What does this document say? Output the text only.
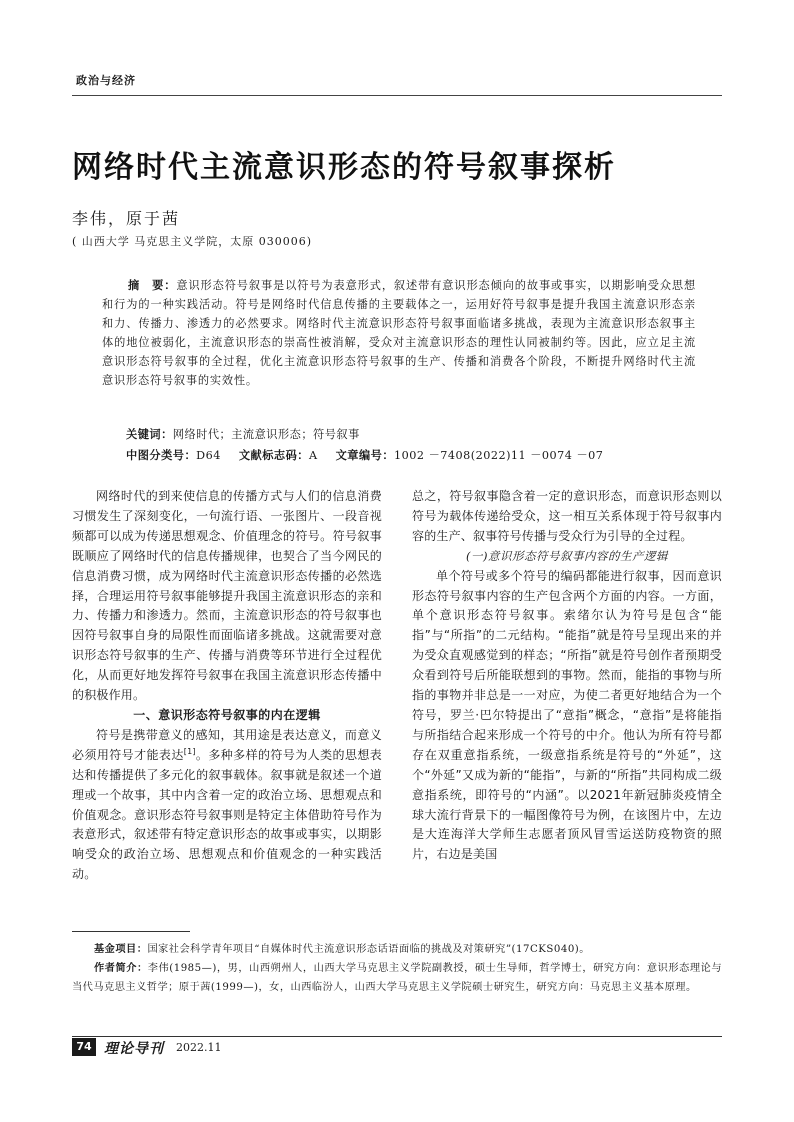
政治与经济
网络时代主流意识形态的符号叙事探析
李伟，原于茜
( 山西大学 马克思主义学院，太原 030006)
摘　要：意识形态符号叙事是以符号为表意形式，叙述带有意识形态倾向的故事或事实，以期影响受众思想和行为的一种实践活动。符号是网络时代信息传播的主要载体之一，运用好符号叙事是提升我国主流意识形态亲和力、传播力、渗透力的必然要求。网络时代主流意识形态符号叙事面临诸多挑战，表现为主流意识形态叙事主体的地位被弱化，主流意识形态的崇高性被消解，受众对主流意识形态的理性认同被制约等。因此，应立足主流意识形态符号叙事的全过程，优化主流意识形态符号叙事的生产、传播和消费各个阶段，不断提升网络时代主流意识形态符号叙事的实效性。
关键词：网络时代；主流意识形态；符号叙事
中图分类号：D64 文献标志码：A 文章编号：1002 －7408(2022)11 －0074 －07

网络时代的到来使信息的传播方式与人们的信息消费习惯发生了深刻变化，一句流行语、一张图片、一段音视频都可以成为传递思想观念、价值理念的符号。符号叙事既顺应了网络时代的信息传播规律，也契合了当今网民的信息消费习惯，成为网络时代主流意识形态传播的必然选择，合理运用符号叙事能够提升我国主流意识形态的亲和力、传播力和渗透力。然而，主流意识形态的符号叙事也因符号叙事自身的局限性而面临诸多挑战。这就需要对意识形态符号叙事的生产、传播与消费等环节进行全过程优化，从而更好地发挥符号叙事在我国主流意识形态传播中的积极作用。

一、意识形态符号叙事的内在逻辑

符号是携带意义的感知，其用途是表达意义，而意义必须用符号才能表达[1]。多种多样的符号为人类的思想表达和传播提供了多元化的叙事载体。叙事就是叙述一个道理或一个故事，其中内含着一定的政治立场、思想观点和价值观念。意识形态符号叙事则是特定主体借助符号作为表意形式，叙述带有特定意识形态的故事或事实，以期影响受众的政治立场、思想观点和价值观念的一种实践活动。

总之，符号叙事隐含着一定的意识形态，而意识形态则以符号为载体传递给受众，这一相互关系体现于符号叙事内容的生产、叙事符号传播与受众行为引导的全过程。

(一)意识形态符号叙事内容的生产逻辑

单个符号或多个符号的编码都能进行叙事，因而意识形态符号叙事内容的生产包含两个方面的内容。一方面，单个意识形态符号叙事。索绪尔认为符号是包含“能指”与“所指”的二元结构。“能指”就是符号呈现出来的并为受众直观感觉到的样态；“所指”就是符号创作者预期受众看到符号后所能联想到的事物。然而，能指的事物与所指的事物并非总是一一对应，为使二者更好地结合为一个符号，罗兰·巴尔特提出了“意指”概念，“意指”是将能指与所指结合起来形成一个符号的中介。他认为所有符号都存在双重意指系统，一级意指系统是符号的“外延”，这个“外延”又成为新的“能指”，与新的“所指”共同构成二级意指系统，即符号的“内涵”。以2021年新冠肺炎疫情全球大流行背景下的一幅图像符号为例，在该图片中，左边是大连海洋大学师生志愿者顶风冒雪运送防疫物资的照片，右边是美国

基金项目：国家社会科学青年项目“自媒体时代主流意识形态话语面临的挑战及对策研究”(17CKS040)。

作者简介：李伟(1985—)，男，山西朔州人，山西大学马克思主义学院副教授，硕士生导师，哲学博士，研究方向：意识形态理论与当代马克思主义哲学；原于茜(1999—)，女，山西临汾人，山西大学马克思主义学院硕士研究生，研究方向：马克思主义基本原理。

74 理论导刊 2022.11
